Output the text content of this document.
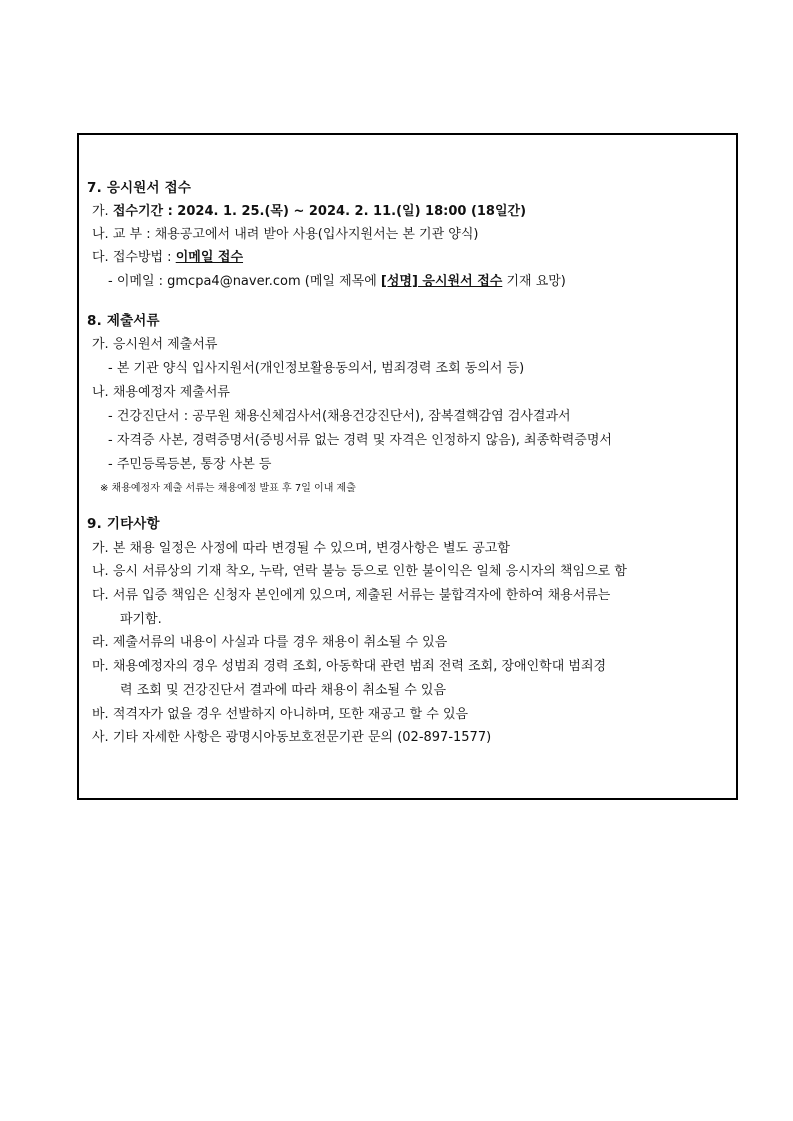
7. 응시원서 접수
가. 접수기간 : 2024. 1. 25.(목) ~ 2024. 2. 11.(일) 18:00 (18일간)
나. 교 부 : 채용공고에서 내려 받아 사용(입사지원서는 본 기관 양식)
다. 접수방법 : 이메일 접수
- 이메일 : gmcpa4@naver.com (메일 제목에 [성명] 응시원서 접수 기재 요망)
8. 제출서류
가. 응시원서 제출서류
- 본 기관 양식 입사지원서(개인정보활용동의서, 범죄경력 조회 동의서 등)
나. 채용예정자 제출서류
- 건강진단서 : 공무원 채용신체검사서(채용건강진단서), 잠복결핵감염 검사결과서
- 자격증 사본, 경력증명서(증빙서류 없는 경력 및 자격은 인정하지 않음), 최종학력증명서
- 주민등록등본, 통장 사본 등
※ 채용예정자 제출 서류는 채용예정 발표 후 7일 이내 제출
9. 기타사항
가. 본 채용 일정은 사정에 따라 변경될 수 있으며, 변경사항은 별도 공고함
나. 응시 서류상의 기재 착오, 누락, 연락 불능 등으로 인한 불이익은 일체 응시자의 책임으로 함
다. 서류 입증 책임은 신청자 본인에게 있으며, 제출된 서류는 불합격자에 한하여 채용서류는
파기함.
라. 제출서류의 내용이 사실과 다를 경우 채용이 취소될 수 있음
마. 채용예정자의 경우 성범죄 경력 조회, 아동학대 관련 범죄 전력 조회, 장애인학대 범죄경
력 조회 및 건강진단서 결과에 따라 채용이 취소될 수 있음
바. 적격자가 없을 경우 선발하지 아니하며, 또한 재공고 할 수 있음
사. 기타 자세한 사항은 광명시아동보호전문기관 문의 (02-897-1577)
